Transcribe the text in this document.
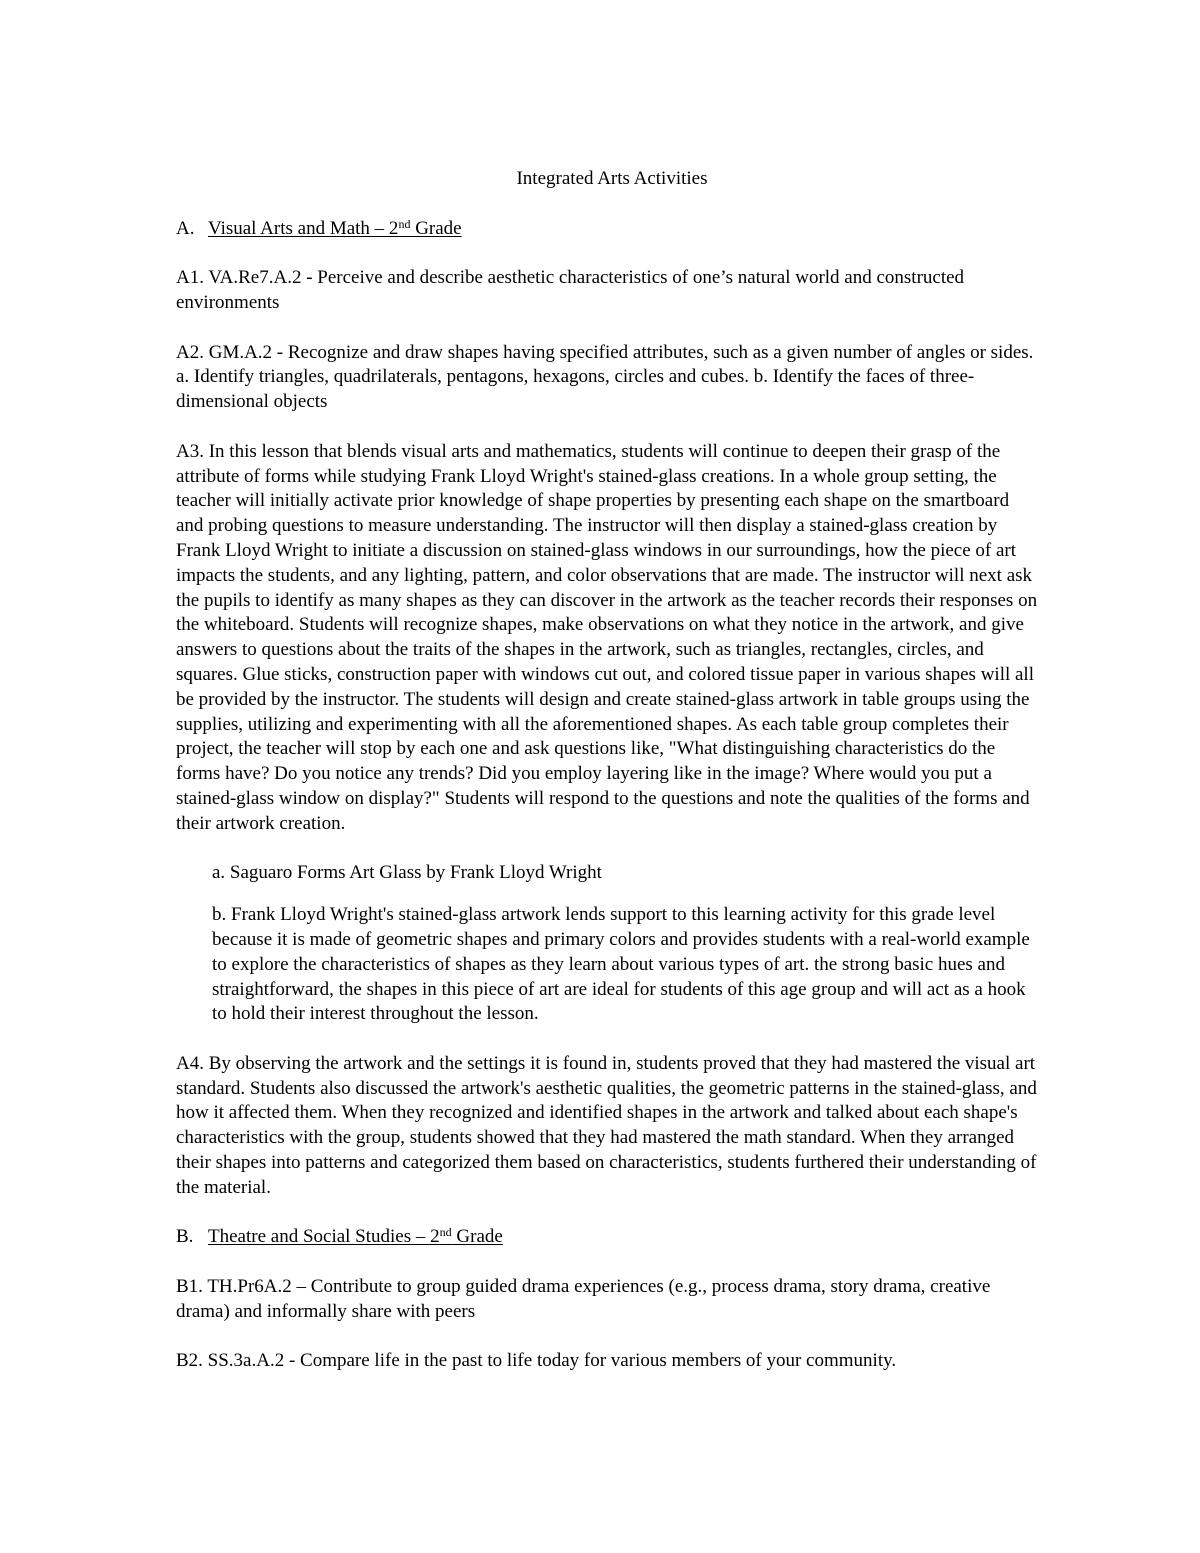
Integrated Arts Activities
A. Visual Arts and Math – 2nd Grade

A1. VA.Re7.A.2 - Perceive and describe aesthetic characteristics of one’s natural world and constructed environments

A2. GM.A.2 - Recognize and draw shapes having specified attributes, such as a given number of angles or sides. a. Identify triangles, quadrilaterals, pentagons, hexagons, circles and cubes. b. Identify the faces of three-dimensional objects

A3. In this lesson that blends visual arts and mathematics, students will continue to deepen their grasp of the attribute of forms while studying Frank Lloyd Wright's stained-glass creations. In a whole group setting, the teacher will initially activate prior knowledge of shape properties by presenting each shape on the smartboard and probing questions to measure understanding. The instructor will then display a stained-glass creation by Frank Lloyd Wright to initiate a discussion on stained-glass windows in our surroundings, how the piece of art impacts the students, and any lighting, pattern, and color observations that are made. The instructor will next ask the pupils to identify as many shapes as they can discover in the artwork as the teacher records their responses on the whiteboard. Students will recognize shapes, make observations on what they notice in the artwork, and give answers to questions about the traits of the shapes in the artwork, such as triangles, rectangles, circles, and squares. Glue sticks, construction paper with windows cut out, and colored tissue paper in various shapes will all be provided by the instructor. The students will design and create stained-glass artwork in table groups using the supplies, utilizing and experimenting with all the aforementioned shapes. As each table group completes their project, the teacher will stop by each one and ask questions like, "What distinguishing characteristics do the forms have? Do you notice any trends? Did you employ layering like in the image? Where would you put a stained-glass window on display?" Students will respond to the questions and note the qualities of the forms and their artwork creation.

a. Saguaro Forms Art Glass by Frank Lloyd Wright

b. Frank Lloyd Wright's stained-glass artwork lends support to this learning activity for this grade level because it is made of geometric shapes and primary colors and provides students with a real-world example to explore the characteristics of shapes as they learn about various types of art. the strong basic hues and straightforward, the shapes in this piece of art are ideal for students of this age group and will act as a hook to hold their interest throughout the lesson.

A4. By observing the artwork and the settings it is found in, students proved that they had mastered the visual art standard. Students also discussed the artwork's aesthetic qualities, the geometric patterns in the stained-glass, and how it affected them. When they recognized and identified shapes in the artwork and talked about each shape's characteristics with the group, students showed that they had mastered the math standard. When they arranged their shapes into patterns and categorized them based on characteristics, students furthered their understanding of the material.

B. Theatre and Social Studies – 2nd Grade

B1. TH.Pr6A.2 – Contribute to group guided drama experiences (e.g., process drama, story drama, creative drama) and informally share with peers

B2. SS.3a.A.2 - Compare life in the past to life today for various members of your community.
